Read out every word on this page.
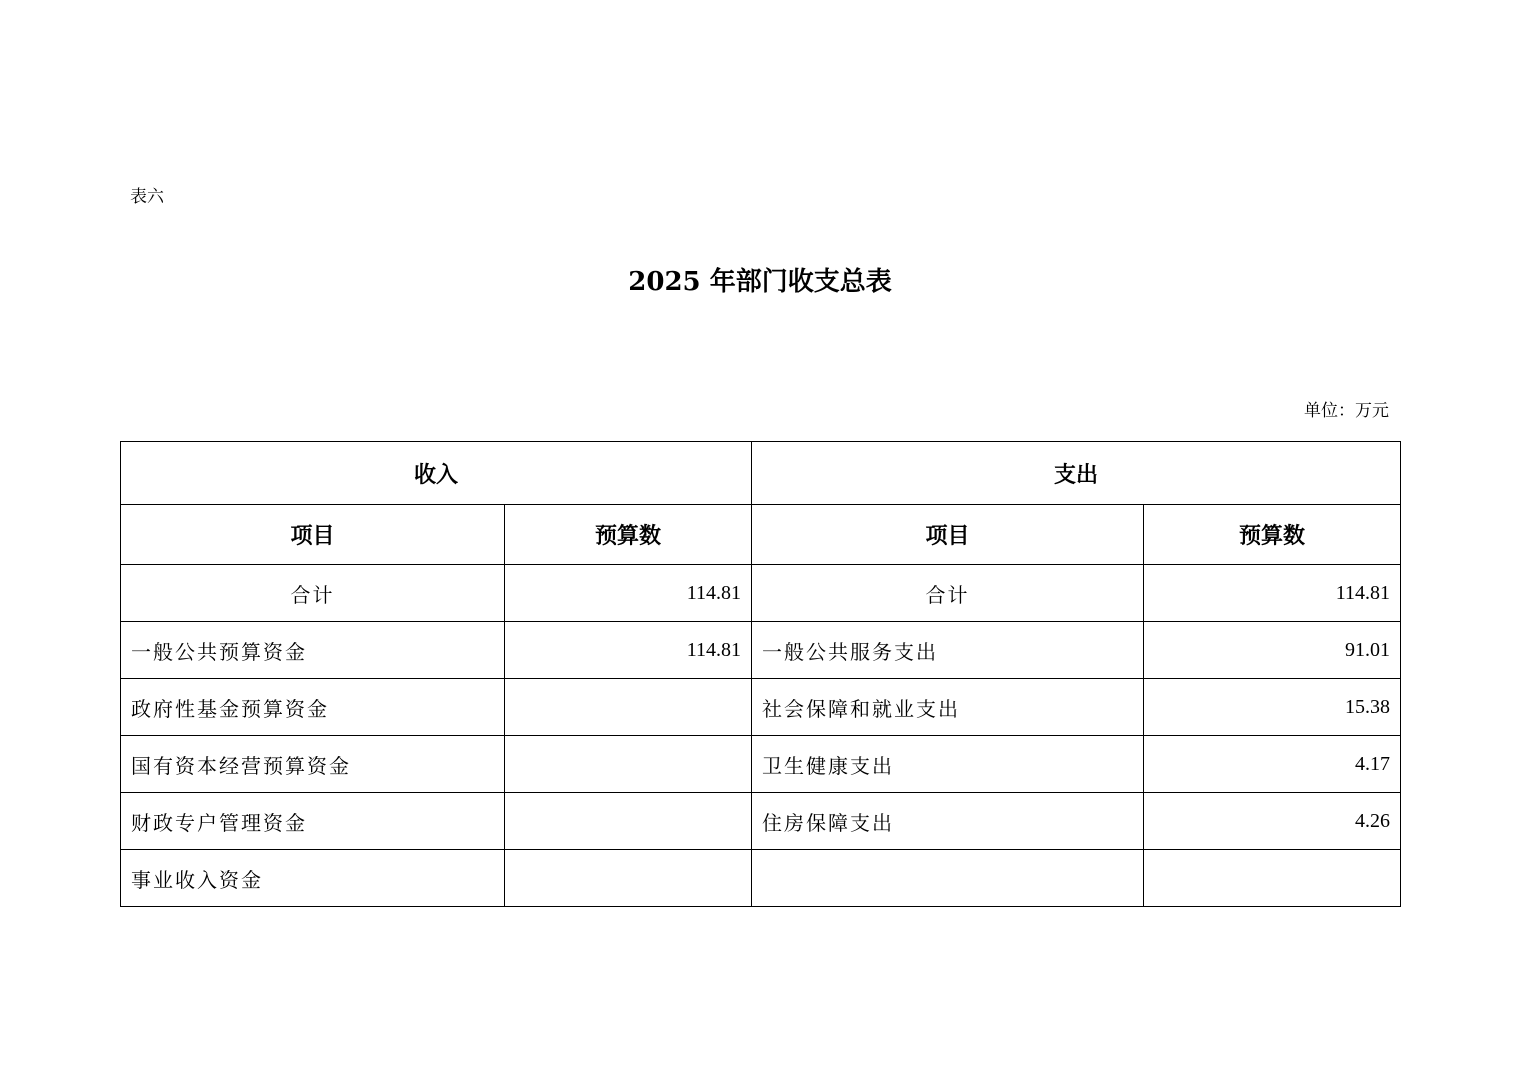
表六
2025 年部门收支总表
单位：万元
收入		支出	
项目	预算数	项目	预算数
合计	114.81	合计	114.81
一般公共预算资金	114.81	一般公共服务支出	91.01
政府性基金预算资金		社会保障和就业支出	15.38
国有资本经营预算资金		卫生健康支出	4.17
财政专户管理资金		住房保障支出	4.26
事业收入资金			
